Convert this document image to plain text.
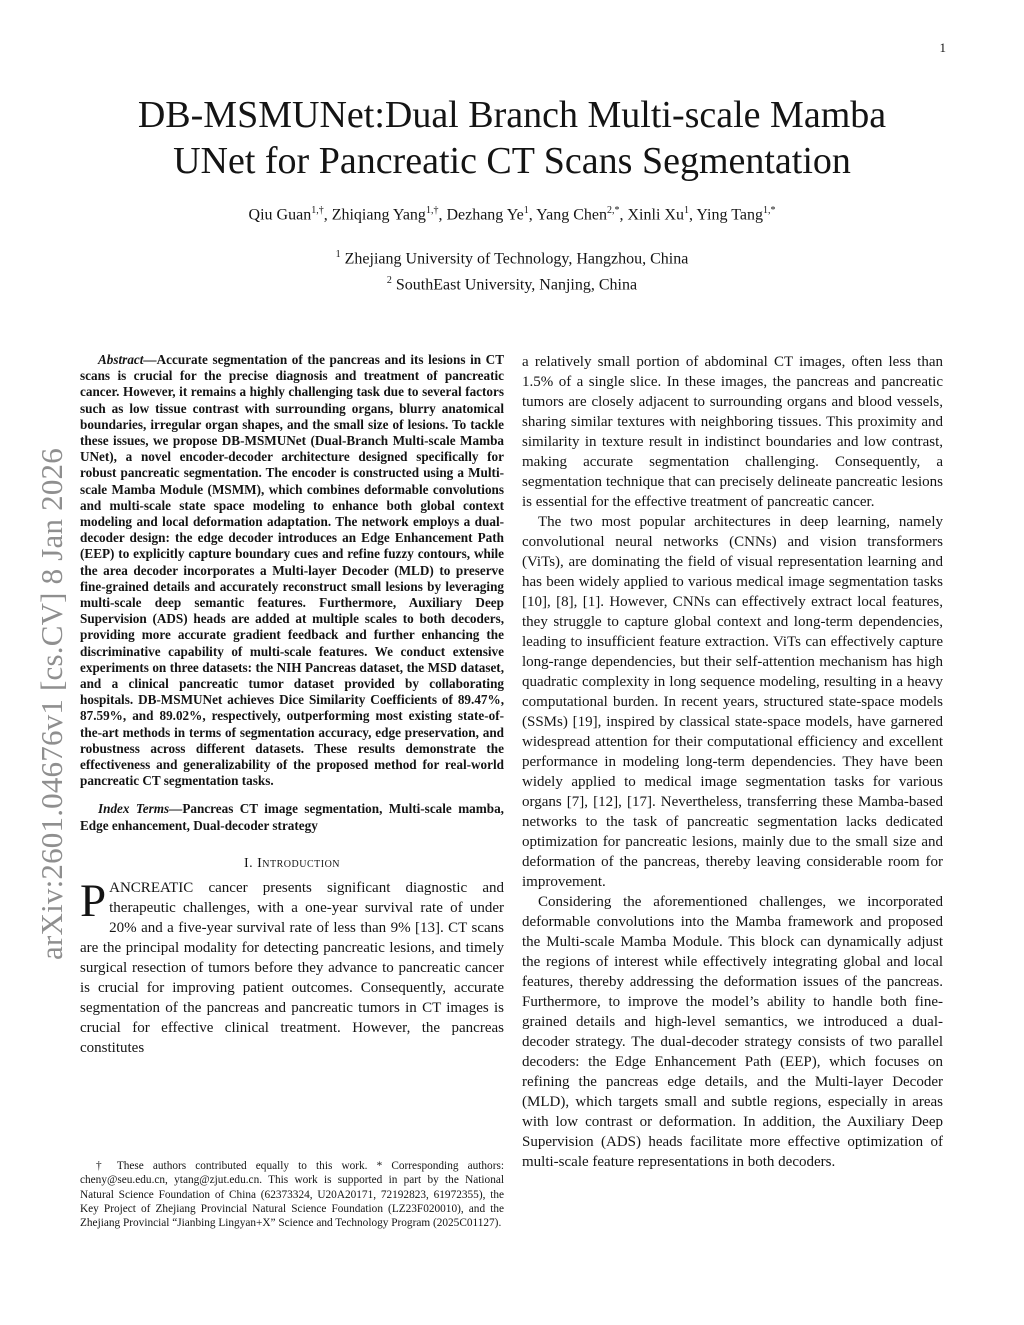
1
arXiv:2601.04676v1 [cs.CV] 8 Jan 2026
DB-MSMUNet:Dual Branch Multi-scale Mamba
UNet for Pancreatic CT Scans Segmentation
Qiu Guan$^{1,\dagger}$, Zhiqiang Yang$^{1,\dagger}$, Dezhang Ye$^1$, Yang Chen$^{2,*}$, Xinli Xu$^1$, Ying Tang$^{1,*}$
$^1$ Zhejiang University of Technology, Hangzhou, China
$^2$ SouthEast University, Nanjing, China

Abstract—Accurate segmentation of the pancreas and its lesions in CT scans is crucial for the precise diagnosis and treatment of pancreatic cancer. However, it remains a highly challenging task due to several factors such as low tissue contrast with surrounding organs, blurry anatomical boundaries, irregular organ shapes, and the small size of lesions. To tackle these issues, we propose DB-MSMUNet (Dual-Branch Multi-scale Mamba UNet), a novel encoder-decoder architecture designed specifically for robust pancreatic segmentation. The encoder is constructed using a Multi-scale Mamba Module (MSMM), which combines deformable convolutions and multi-scale state space modeling to enhance both global context modeling and local deformation adaptation. The network employs a dual-decoder design: the edge decoder introduces an Edge Enhancement Path (EEP) to explicitly capture boundary cues and refine fuzzy contours, while the area decoder incorporates a Multi-layer Decoder (MLD) to preserve fine-grained details and accurately reconstruct small lesions by leveraging multi-scale deep semantic features. Furthermore, Auxiliary Deep Supervision (ADS) heads are added at multiple scales to both decoders, providing more accurate gradient feedback and further enhancing the discriminative capability of multi-scale features. We conduct extensive experiments on three datasets: the NIH Pancreas dataset, the MSD dataset, and a clinical pancreatic tumor dataset provided by collaborating hospitals. DB-MSMUNet achieves Dice Similarity Coefficients of 89.47%, 87.59%, and 89.02%, respectively, outperforming most existing state-of-the-art methods in terms of segmentation accuracy, edge preservation, and robustness across different datasets. These results demonstrate the effectiveness and generalizability of the proposed method for real-world pancreatic CT segmentation tasks.

Index Terms—Pancreas CT image segmentation, Multi-scale mamba, Edge enhancement, Dual-decoder strategy

I. Introduction

PANCREATIC cancer presents significant diagnostic and therapeutic challenges, with a one-year survival rate of under 20% and a five-year survival rate of less than 9% [13]. CT scans are the principal modality for detecting pancreatic lesions, and timely surgical resection of tumors before they advance to pancreatic cancer is crucial for improving patient outcomes. Consequently, accurate segmentation of the pancreas and pancreatic tumors in CT images is crucial for effective clinical treatment. However, the pancreas constitutes

† These authors contributed equally to this work. * Corresponding authors: cheny@seu.edu.cn, ytang@zjut.edu.cn. This work is supported in part by the National Natural Science Foundation of China (62373324, U20A20171, 72192823, 61972355), the Key Project of Zhejiang Provincial Natural Science Foundation (LZ23F020010), and the Zhejiang Provincial “Jianbing Lingyan+X” Science and Technology Program (2025C01127).

a relatively small portion of abdominal CT images, often less than 1.5% of a single slice. In these images, the pancreas and pancreatic tumors are closely adjacent to surrounding organs and blood vessels, sharing similar textures with neighboring tissues. This proximity and similarity in texture result in indistinct boundaries and low contrast, making accurate segmentation challenging. Consequently, a segmentation technique that can precisely delineate pancreatic lesions is essential for the effective treatment of pancreatic cancer.

The two most popular architectures in deep learning, namely convolutional neural networks (CNNs) and vision transformers (ViTs), are dominating the field of visual representation learning and has been widely applied to various medical image segmentation tasks [10], [8], [1]. However, CNNs can effectively extract local features, they struggle to capture global context and long-term dependencies, leading to insufficient feature extraction. ViTs can effectively capture long-range dependencies, but their self-attention mechanism has high quadratic complexity in long sequence modeling, resulting in a heavy computational burden. In recent years, structured state-space models (SSMs) [19], inspired by classical state-space models, have garnered widespread attention for their computational efficiency and excellent performance in modeling long-term dependencies. They have been widely applied to medical image segmentation tasks for various organs [7], [12], [17]. Nevertheless, transferring these Mamba-based networks to the task of pancreatic segmentation lacks dedicated optimization for pancreatic lesions, mainly due to the small size and deformation of the pancreas, thereby leaving considerable room for improvement.

Considering the aforementioned challenges, we incorporated deformable convolutions into the Mamba framework and proposed the Multi-scale Mamba Module. This block can dynamically adjust the regions of interest while effectively integrating global and local features, thereby addressing the deformation issues of the pancreas. Furthermore, to improve the model’s ability to handle both fine-grained details and high-level semantics, we introduced a dual-decoder strategy. The dual-decoder strategy consists of two parallel decoders: the Edge Enhancement Path (EEP), which focuses on refining the pancreas edge details, and the Multi-layer Decoder (MLD), which targets small and subtle regions, especially in areas with low contrast or deformation. In addition, the Auxiliary Deep Supervision (ADS) heads facilitate more effective optimization of multi-scale feature representations in both decoders.
